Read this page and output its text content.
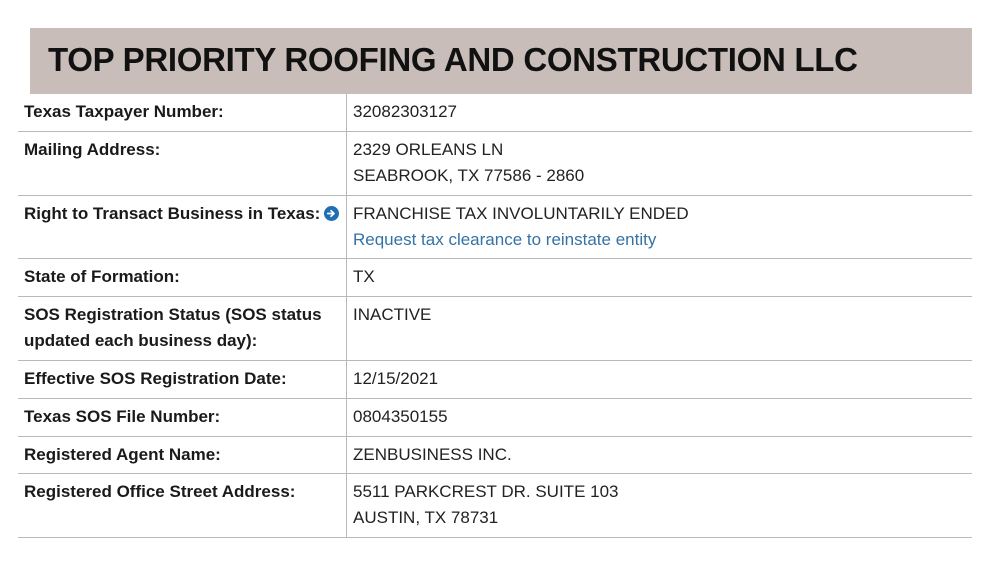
TOP PRIORITY ROOFING AND CONSTRUCTION LLC
Texas Taxpayer Number:	32082303127

Mailing Address:	2329 ORLEANS LN
SEABROOK, TX 77586 - 2860

Right to Transact Business in Texas:	FRANCHISE TAX INVOLUNTARILY ENDED
Request tax clearance to reinstate entity
State of Formation:	TX

SOS Registration Status (SOS status updated each business day):	INACTIVE

Effective SOS Registration Date:	12/15/2021

Texas SOS File Number:	0804350155

Registered Agent Name:	ZENBUSINESS INC.

Registered Office Street Address:	5511 PARKCREST DR. SUITE 103
AUSTIN, TX 78731
